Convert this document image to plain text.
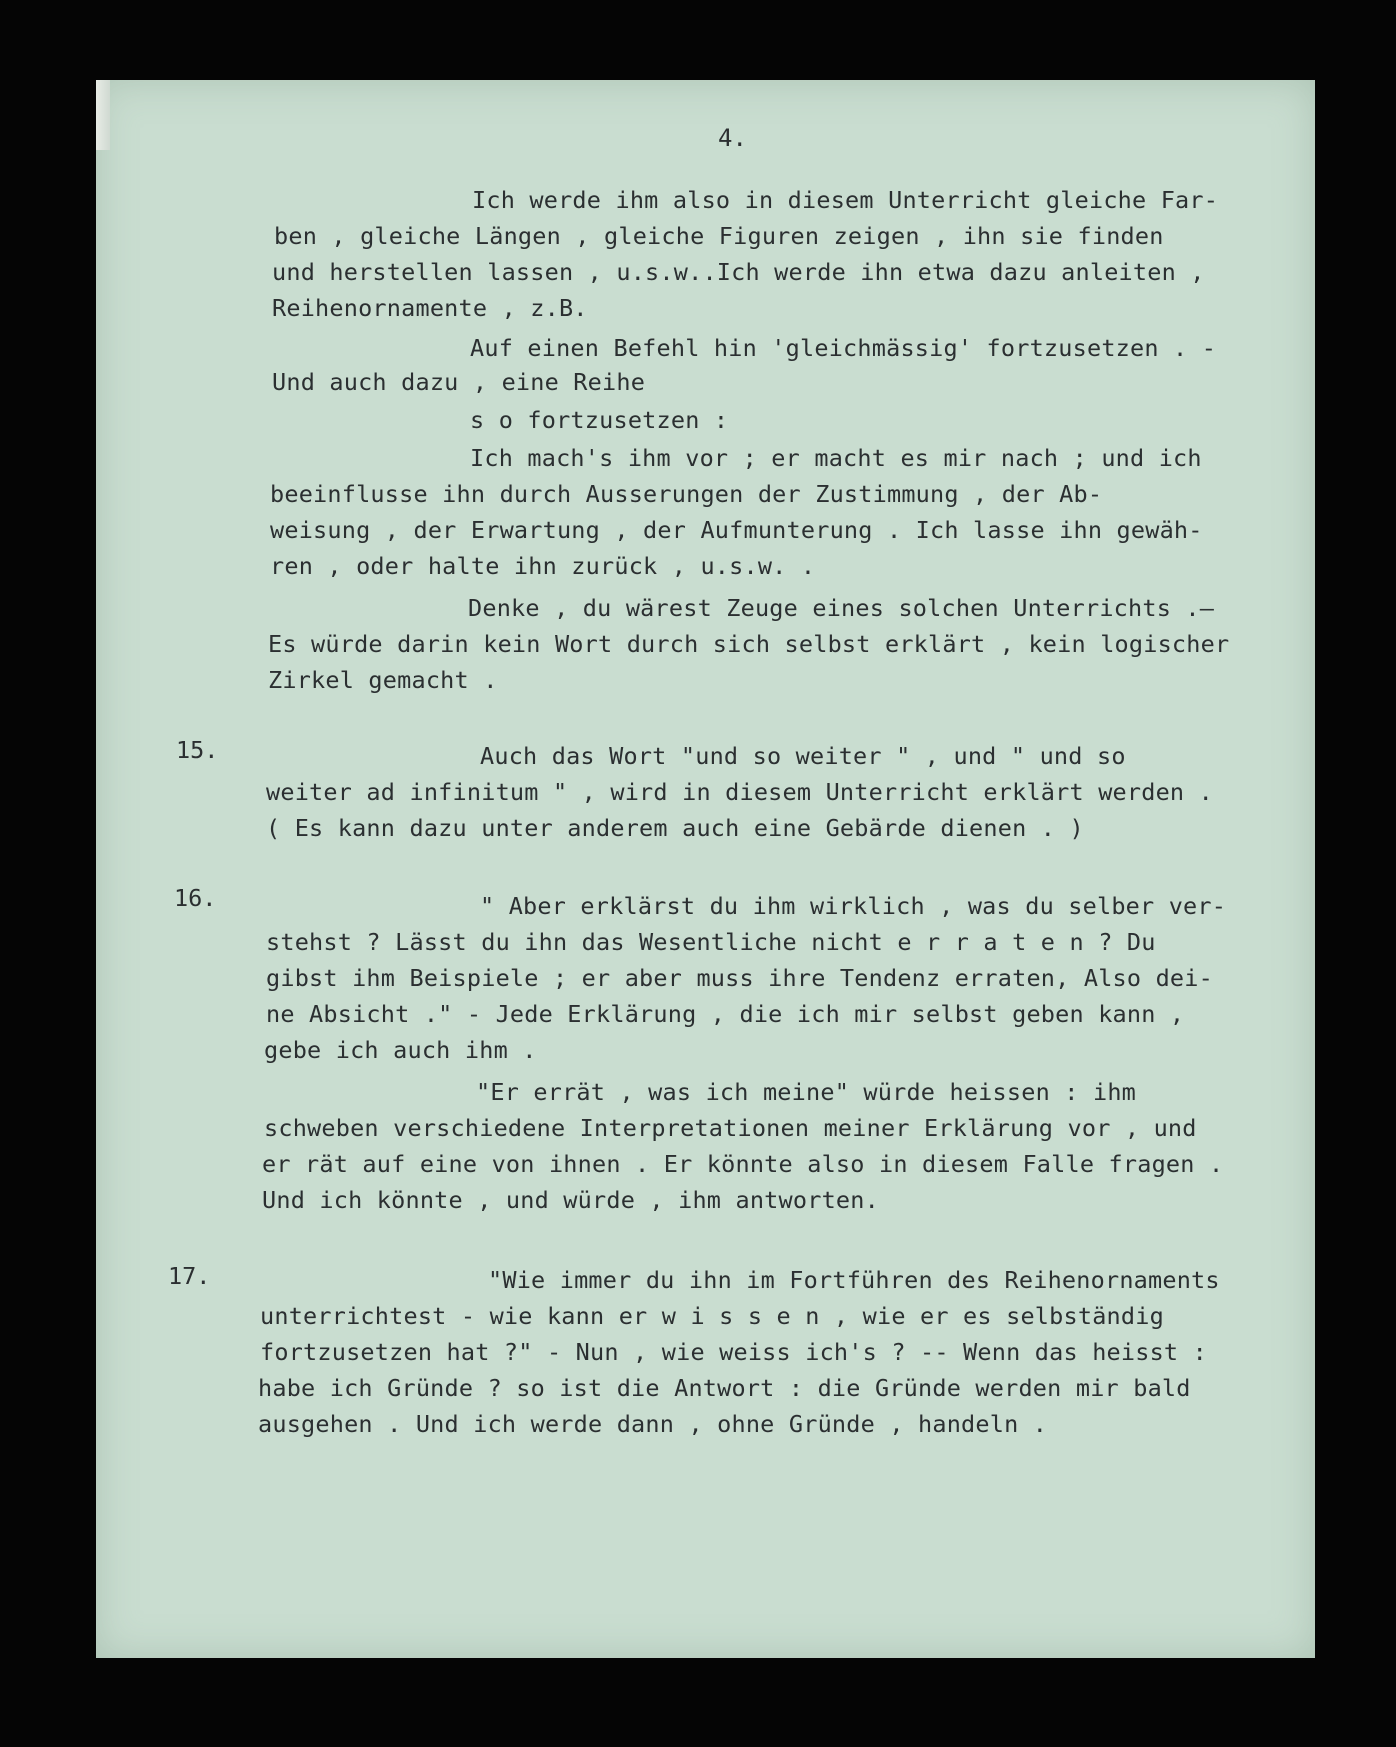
4.
Ich werde ihm also in diesem Unterricht gleiche Far-
ben , gleiche Längen , gleiche Figuren zeigen , ihn sie finden
und herstellen lassen , u.s.w..Ich werde ihn etwa dazu anleiten ,
Reihenornamente , z.B.
Auf einen Befehl hin 'gleichmässig' fortzusetzen . -
Und auch dazu , eine Reihe
s o fortzusetzen :
Ich mach's ihm vor ; er macht es mir nach ; und ich
beeinflusse ihn durch Ausserungen der Zustimmung , der Ab-
weisung , der Erwartung , der Aufmunterung . Ich lasse ihn gewäh-
ren , oder halte ihn zurück , u.s.w. .
Denke , du wärest Zeuge eines solchen Unterrichts .—
Es würde darin kein Wort durch sich selbst erklärt , kein logischer
Zirkel gemacht .
15.	Auch das Wort "und so weiter " , und " und so
weiter ad infinitum " , wird in diesem Unterricht erklärt werden .
( Es kann dazu unter anderem auch eine Gebärde dienen . )
16.	" Aber erklärst du ihm wirklich , was du selber ver-
stehst ? Lässt du ihn das Wesentliche nicht e r r a t e n ? Du
gibst ihm Beispiele ; er aber muss ihre Tendenz erraten, Also dei-
ne Absicht ." - Jede Erklärung , die ich mir selbst geben kann ,
gebe ich auch ihm .
"Er errät , was ich meine" würde heissen : ihm
schweben verschiedene Interpretationen meiner Erklärung vor , und
er rät auf eine von ihnen . Er könnte also in diesem Falle fragen .
Und ich könnte , und würde , ihm antworten.
17.	"Wie immer du ihn im Fortführen des Reihenornaments
unterrichtest - wie kann er w i s s e n , wie er es selbständig
fortzusetzen hat ?" - Nun , wie weiss ich's ? -- Wenn das heisst :
habe ich Gründe ? so ist die Antwort : die Gründe werden mir bald
ausgehen . Und ich werde dann , ohne Gründe , handeln .
